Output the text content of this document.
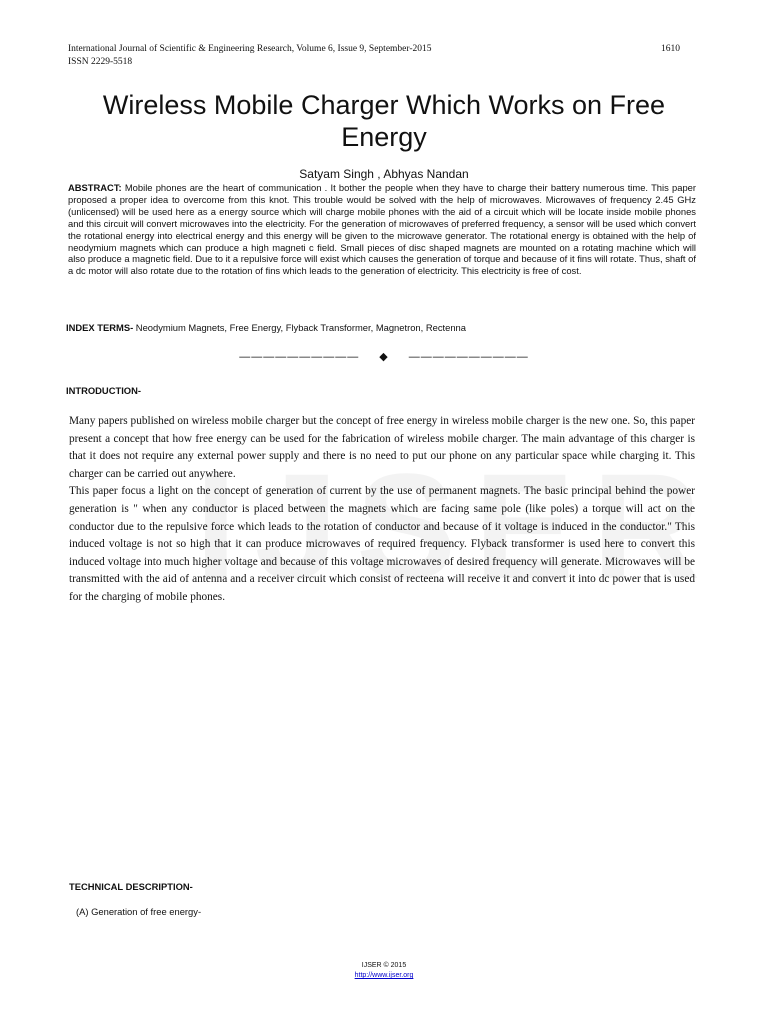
International Journal of Scientific & Engineering Research, Volume 6, Issue 9, September-2015	1610
ISSN 2229-5518
Wireless Mobile Charger Which Works on Free Energy
Satyam Singh , Abhyas Nandan
ABSTRACT: Mobile phones are the heart of communication . It bother the people when they have to charge their battery numerous time. This paper proposed a proper idea to overcome from this knot. This trouble would be solved with the help of microwaves. Microwaves of frequency 2.45 GHz (unlicensed) will be used here as a energy source which will charge mobile phones with the aid of a circuit which will be locate inside mobile phones and this circuit will convert microwaves into the electricity. For the generation of microwaves of preferred frequency, a sensor will be used which convert the rotational energy into electrical energy and this energy will be given to the microwave generator. The rotational energy is obtained with the help of neodymium magnets which can produce a high magneti c field. Small pieces of disc shaped magnets are mounted on a rotating machine which will also produce a magnetic field. Due to it a repulsive force will exist which causes the generation of torque and because of it fins will rotate. Thus, shaft of a dc motor will also rotate due to the rotation of fins which leads to the generation of electricity. This electricity is free of cost.
INDEX TERMS- Neodymium Magnets, Free Energy, Flyback Transformer, Magnetron, Rectenna
—————————— ◆ ——————————
INTRODUCTION-

Many papers published on wireless mobile charger but the concept of free energy in wireless mobile charger is the new one. So, this paper present a concept that how free energy can be used for the fabrication of wireless mobile charger. The main advantage of this charger is that it does not require any external power supply and there is no need to put our phone on any particular space while charging it. This charger can be carried out anywhere.

This paper focus a light on the concept of generation of current by the use of permanent magnets. The basic principal behind the power generation is " when any conductor is placed between the magnets which are facing same pole (like poles) a torque will act on the conductor due to the repulsive force which leads to the rotation of conductor and because of it voltage is induced in the conductor." This induced voltage is not so high that it can produce microwaves of required frequency. Flyback transformer is used here to convert this induced voltage into much higher voltage and because of this voltage microwaves of desired frequency will generate. Microwaves will be transmitted with the aid of antenna and a receiver circuit which consist of recteena will receive it and convert it into dc power that is used for the charging of mobile phones.

TECHNICAL DESCRIPTION-
(A) Generation of free energy-
IJSER © 2015
http://www.ijser.org
